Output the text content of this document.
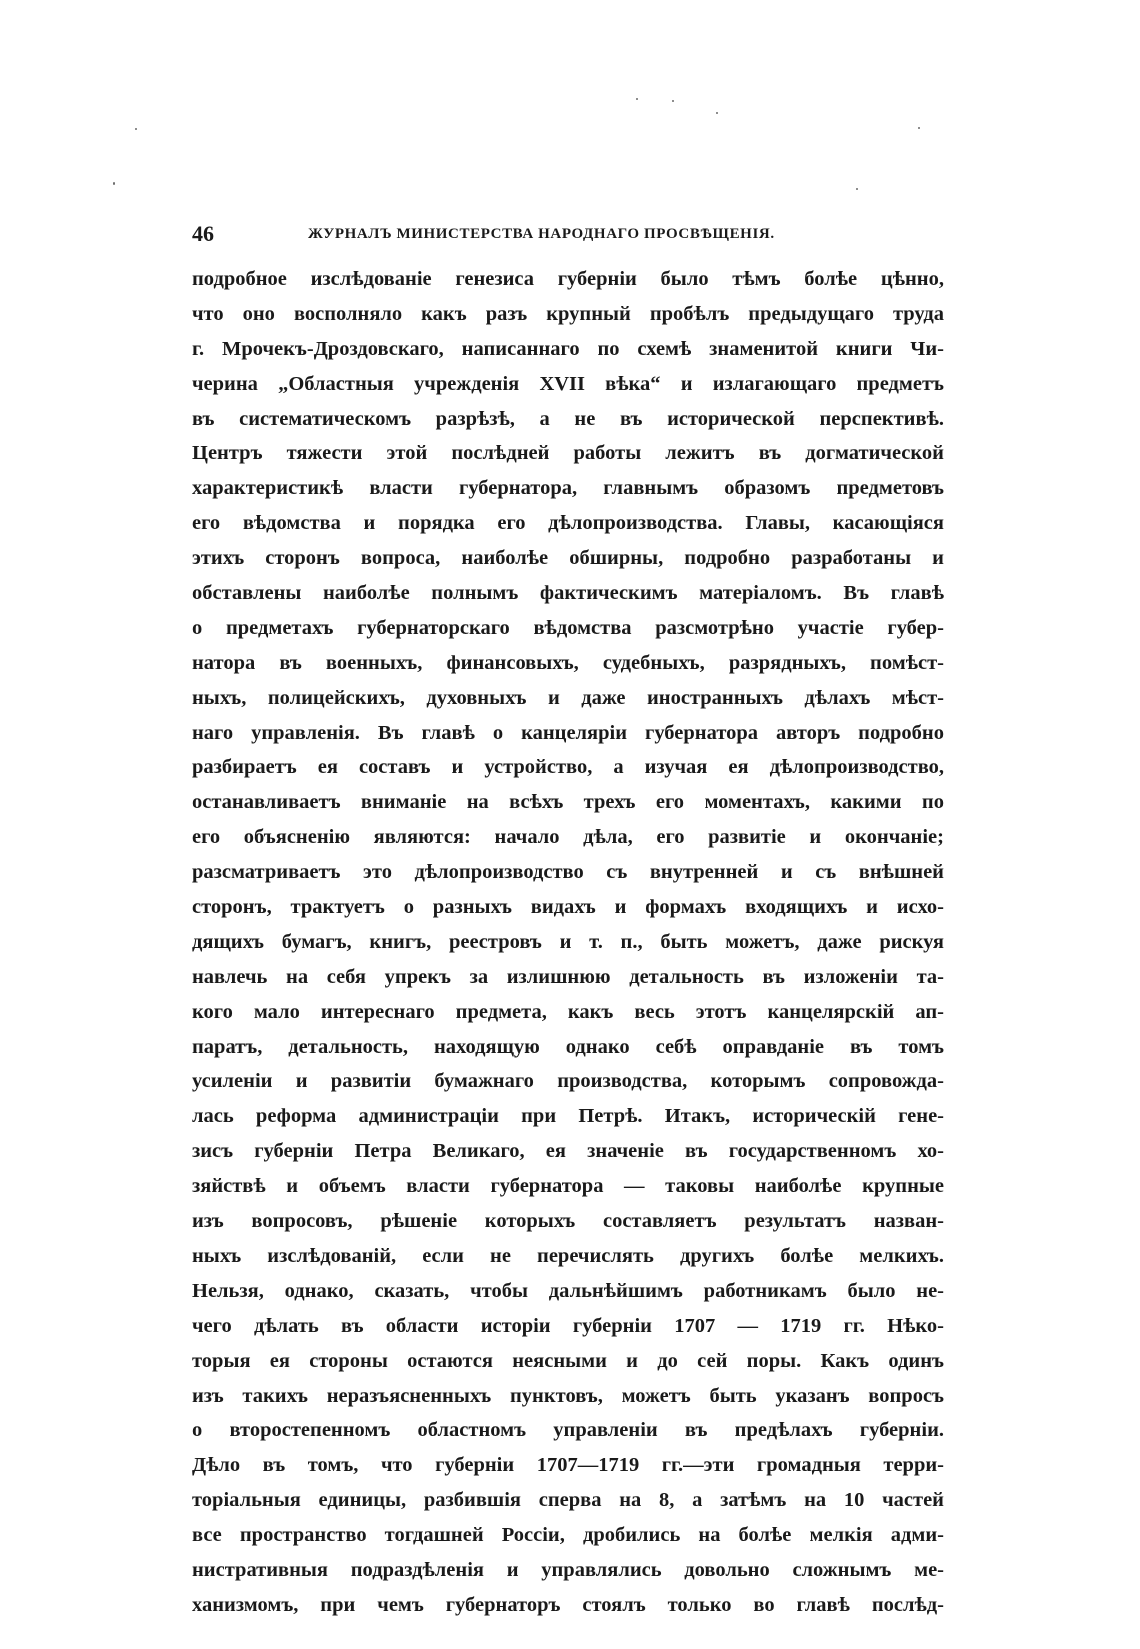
46	ЖУРНАЛЪ МИНИСТЕРСТВА НАРОДНАГО ПРОСВѢЩЕНІЯ.
подробное изслѣдованіе генезиса губерніи было тѣмъ болѣе цѣнно,
что оно восполняло какъ разъ крупный пробѣлъ предыдущаго труда
г. Мрочекъ-Дроздовскаго, написаннаго по схемѣ знаменитой книги Чи-
черина „Областныя учрежденія XVII вѣка“ и излагающаго предметъ
въ систематическомъ разрѣзѣ, а не въ исторической перспективѣ.
Центръ тяжести этой послѣдней работы лежитъ въ догматической
характеристикѣ власти губернатора, главнымъ образомъ предметовъ
его вѣдомства и порядка его дѣлопроизводства. Главы, касающіяся
этихъ сторонъ вопроса, наиболѣе обширны, подробно разработаны и
обставлены наиболѣе полнымъ фактическимъ матеріаломъ. Въ главѣ
о предметахъ губернаторскаго вѣдомства разсмотрѣно участіе губер-
натора въ военныхъ, финансовыхъ, судебныхъ, разрядныхъ, помѣст-
ныхъ, полицейскихъ, духовныхъ и даже иностранныхъ дѣлахъ мѣст-
наго управленія. Въ главѣ о канцеляріи губернатора авторъ подробно
разбираетъ ея составъ и устройство, а изучая ея дѣлопроизводство,
останавливаетъ вниманіе на всѣхъ трехъ его моментахъ, какими по
его объясненію являются: начало дѣла, его развитіе и окончаніе;
разсматриваетъ это дѣлопроизводство съ внутренней и съ внѣшней
сторонъ, трактуетъ о разныхъ видахъ и формахъ входящихъ и исхо-
дящихъ бумагъ, книгъ, реестровъ и т. п., быть можетъ, даже рискуя
навлечь на себя упрекъ за излишнюю детальность въ изложеніи та-
кого мало интереснаго предмета, какъ весь этотъ канцелярскій ап-
паратъ, детальность, находящую однако себѣ оправданіе въ томъ
усиленіи и развитіи бумажнаго производства, которымъ сопровожда-
лась реформа администраціи при Петрѣ. Итакъ, историческій гене-
зисъ губерніи Петра Великаго, ея значеніе въ государственномъ хо-
зяйствѣ и объемъ власти губернатора — таковы наиболѣе крупные
изъ вопросовъ, рѣшеніе которыхъ составляетъ результатъ назван-
ныхъ изслѣдованій, если не перечислять другихъ болѣе мелкихъ.
Нельзя, однако, сказать, чтобы дальнѣйшимъ работникамъ было не-
чего дѣлать въ области исторіи губерніи 1707 — 1719 гг. Нѣко-
торыя ея стороны остаются неясными и до сей поры. Какъ одинъ
изъ такихъ неразъясненныхъ пунктовъ, можетъ быть указанъ вопросъ
о второстепенномъ областномъ управленіи въ предѣлахъ губерніи.
Дѣло въ томъ, что губерніи 1707—1719 гг.—эти громадныя терри-
торіальныя единицы, разбившія сперва на 8, а затѣмъ на 10 частей
все пространство тогдашней Россіи, дробились на болѣе мелкія адми-
нистративныя подраздѣленія и управлялись довольно сложнымъ ме-
ханизмомъ, при чемъ губернаторъ стоялъ только во главѣ послѣд-
